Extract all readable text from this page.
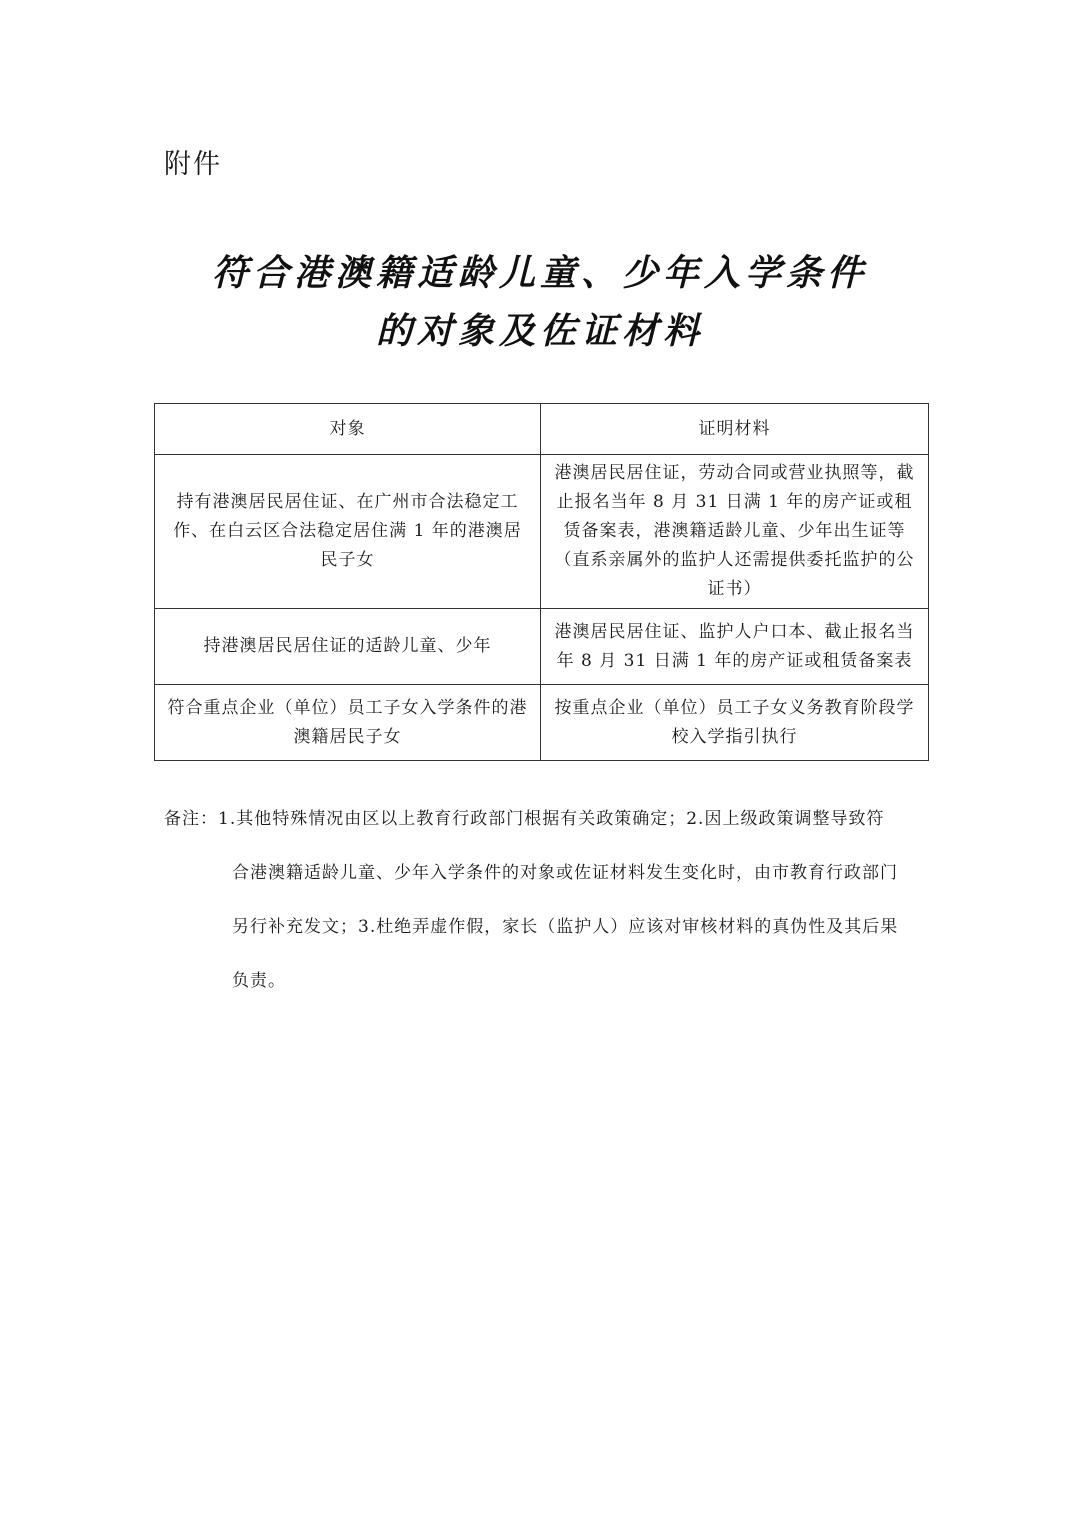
附件
符合港澳籍适龄儿童、少年入学条件
的对象及佐证材料
对象	证明材料
持有港澳居民居住证、在广州市合法稳定工作、在白云区合法稳定居住满 1 年的港澳居民子女	港澳居民居住证，劳动合同或营业执照等，截止报名当年 8 月 31 日满 1 年的房产证或租赁备案表，港澳籍适龄儿童、少年出生证等（直系亲属外的监护人还需提供委托监护的公证书）
持港澳居民居住证的适龄儿童、少年	港澳居民居住证、监护人户口本、截止报名当年 8 月 31 日满 1 年的房产证或租赁备案表
符合重点企业（单位）员工子女入学条件的港澳籍居民子女	按重点企业（单位）员工子女义务教育阶段学校入学指引执行
备注：1.其他特殊情况由区以上教育行政部门根据有关政策确定；2.因上级政策调整导致符
合港澳籍适龄儿童、少年入学条件的对象或佐证材料发生变化时，由市教育行政部门另行补充发文；3.杜绝弄虚作假，家长（监护人）应该对审核材料的真伪性及其后果负责。
